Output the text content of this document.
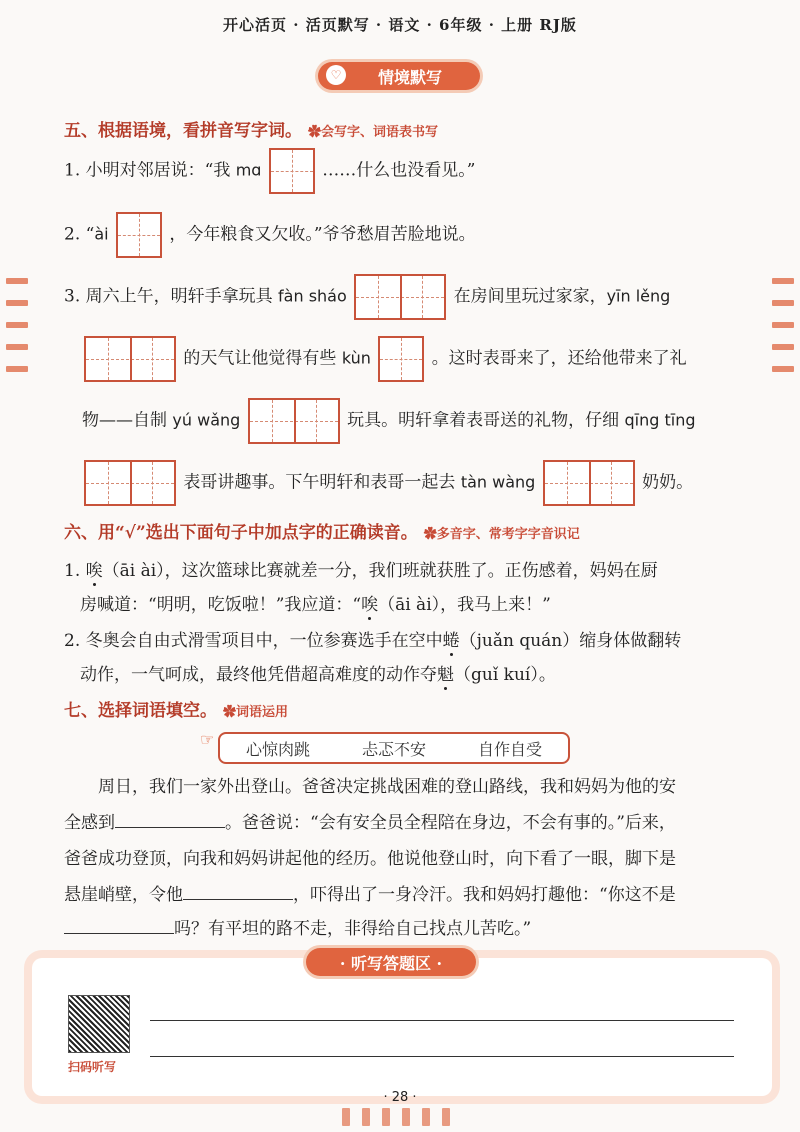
开心活页 · 活页默写 · 语文 · 6年级 · 上册 RJ版
♡	情境默写
五、根据语境，看拼音写字词。 ✿会写字、词语表书写
1. 小明对邻居说：“我 mɑ	……什么也没看见。”
2. “ài	，今年粮食又欠收。”爷爷愁眉苦脸地说。
3. 周六上午，明轩手拿玩具 fàn sháo	在房间里玩过家家，yīn lěng
的天气让他觉得有些 kùn	。这时表哥来了，还给他带来了礼
物——自制 yú wǎng	玩具。明轩拿着表哥送的礼物，仔细 qīng tīng
表哥讲趣事。下午明轩和表哥一起去 tàn wàng	奶奶。
六、用“√”选出下面句子中加点字的正确读音。 ✿多音字、常考字字音识记
1. 唉（āi ài），这次篮球比赛就差一分，我们班就获胜了。正伤感着，妈妈在厨
房喊道：“明明，吃饭啦！”我应道：“唉（āi ài），我马上来！”
2. 冬奥会自由式滑雪项目中，一位参赛选手在空中蜷（juǎn quán）缩身体做翻转
动作，一气呵成，最终他凭借超高难度的动作夺魁（guǐ kuí）。
七、选择词语填空。 ✿词语运用
☞	心惊肉跳	忐忑不安	自作自受
周日，我们一家外出登山。爸爸决定挑战困难的登山路线，我和妈妈为他的安
全感到	。爸爸说：“会有安全员全程陪在身边，不会有事的。”后来，
爸爸成功登顶，向我和妈妈讲起他的经历。他说他登山时，向下看了一眼，脚下是
悬崖峭壁，令他	，吓得出了一身冷汗。我和妈妈打趣他：“你这不是
吗？有平坦的路不走，非得给自己找点儿苦吃。”
· 听写答题区 ·
扫码听写
· 28 ·
